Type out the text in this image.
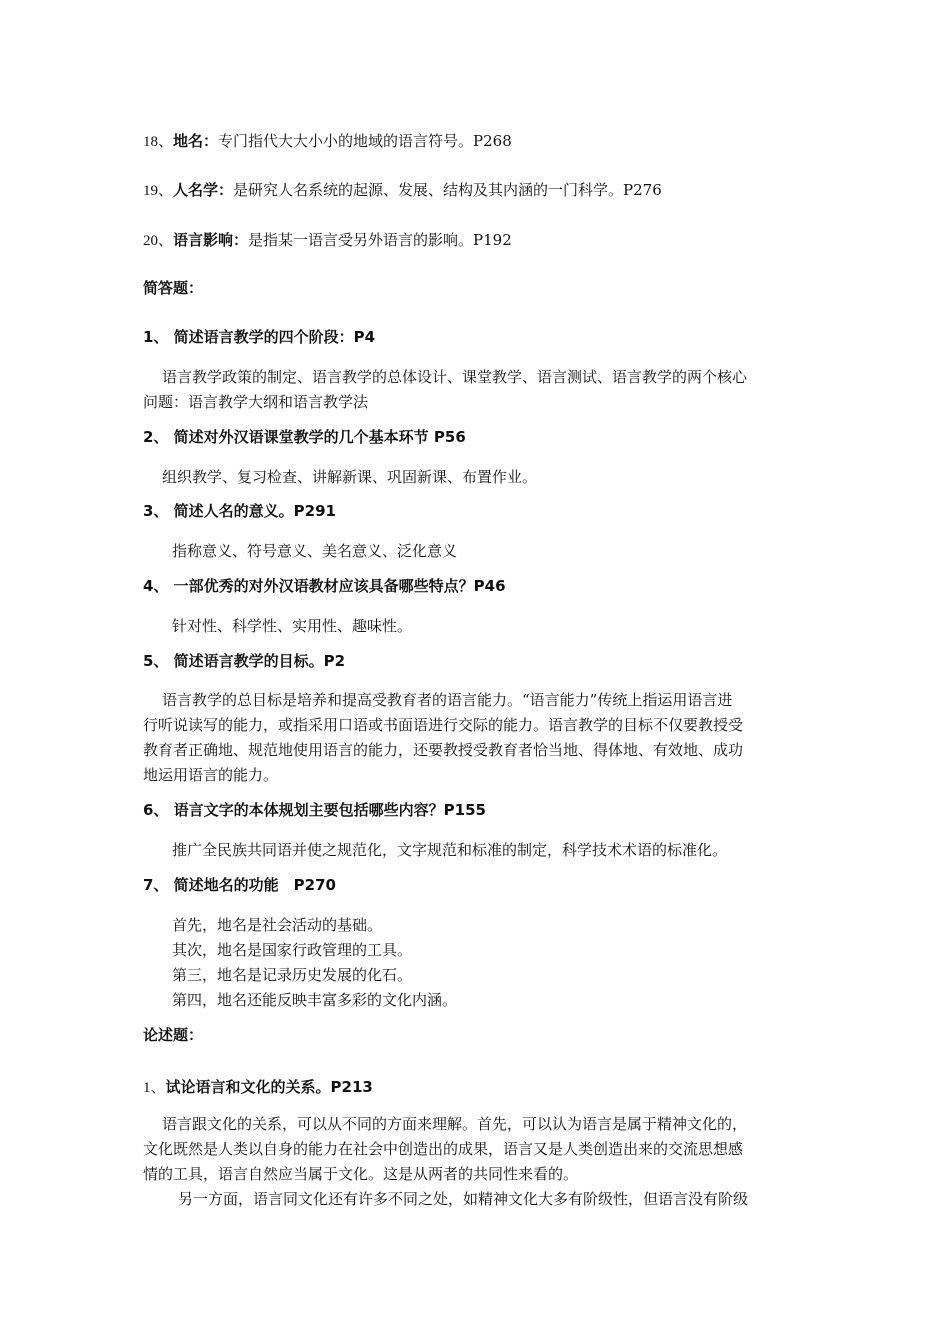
18、地名：专门指代大大小小的地域的语言符号。P268
19、人名学：是研究人名系统的起源、发展、结构及其内涵的一门科学。P276
20、语言影响：是指某一语言受另外语言的影响。P192
简答题：
1、 简述语言教学的四个阶段：P4
语言教学政策的制定、语言教学的总体设计、课堂教学、语言测试、语言教学的两个核心
问题：语言教学大纲和语言教学法
2、 简述对外汉语课堂教学的几个基本环节 P56
组织教学、复习检查、讲解新课、巩固新课、布置作业。
3、 简述人名的意义。P291
指称意义、符号意义、美名意义、泛化意义
4、 一部优秀的对外汉语教材应该具备哪些特点？P46
针对性、科学性、实用性、趣味性。
5、 简述语言教学的目标。P2
语言教学的总目标是培养和提高受教育者的语言能力。“语言能力”传统上指运用语言进
行听说读写的能力，或指采用口语或书面语进行交际的能力。语言教学的目标不仅要教授受
教育者正确地、规范地使用语言的能力，还要教授受教育者恰当地、得体地、有效地、成功
地运用语言的能力。
6、 语言文字的本体规划主要包括哪些内容？P155
推广全民族共同语并使之规范化，文字规范和标准的制定，科学技术术语的标准化。
7、 简述地名的功能　P270
首先，地名是社会活动的基础。
其次，地名是国家行政管理的工具。
第三，地名是记录历史发展的化石。
第四，地名还能反映丰富多彩的文化内涵。
论述题：
1、试论语言和文化的关系。P213
语言跟文化的关系，可以从不同的方面来理解。首先，可以认为语言是属于精神文化的，
文化既然是人类以自身的能力在社会中创造出的成果，语言又是人类创造出来的交流思想感
情的工具，语言自然应当属于文化。这是从两者的共同性来看的。
另一方面，语言同文化还有许多不同之处，如精神文化大多有阶级性，但语言没有阶级
